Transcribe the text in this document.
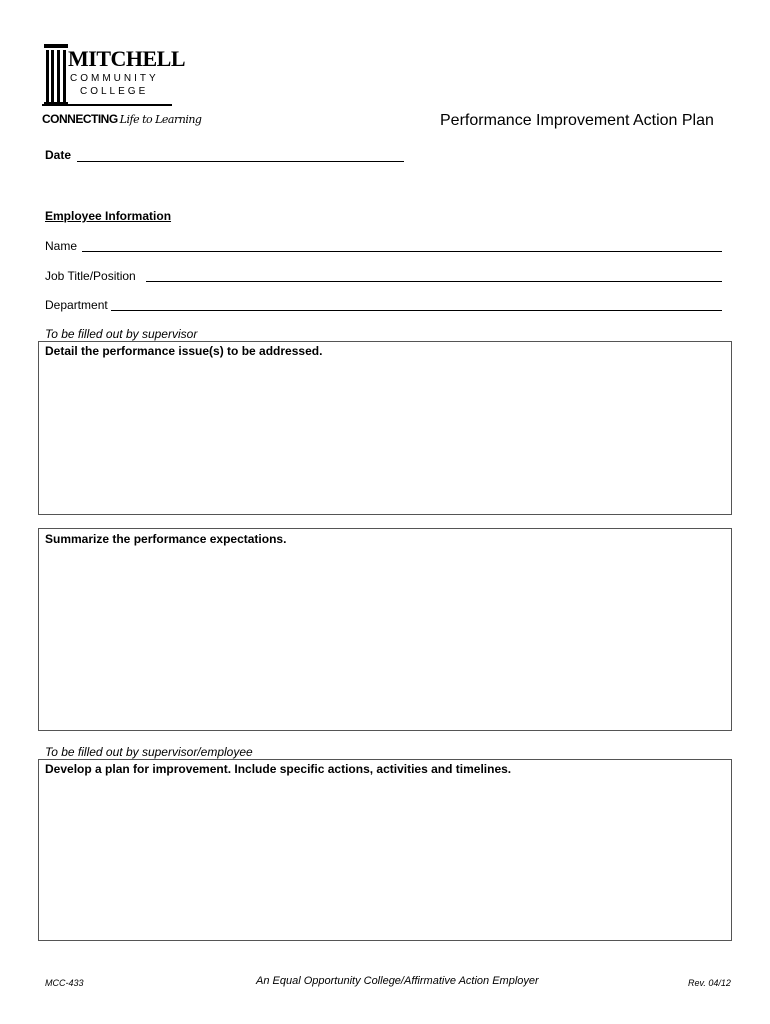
MITCHELL
COMMUNITY
COLLEGE
CONNECTING Life to Learning	Performance Improvement Action Plan
Date
Employee Information
Name
Job Title/Position
Department
To be filled out by supervisor
Detail the performance issue(s) to be addressed.
Summarize the performance expectations.
To be filled out by supervisor/employee
Develop a plan for improvement. Include specific actions, activities and timelines.
MCC-433	An Equal Opportunity College/Affirmative Action Employer	Rev. 04/12
